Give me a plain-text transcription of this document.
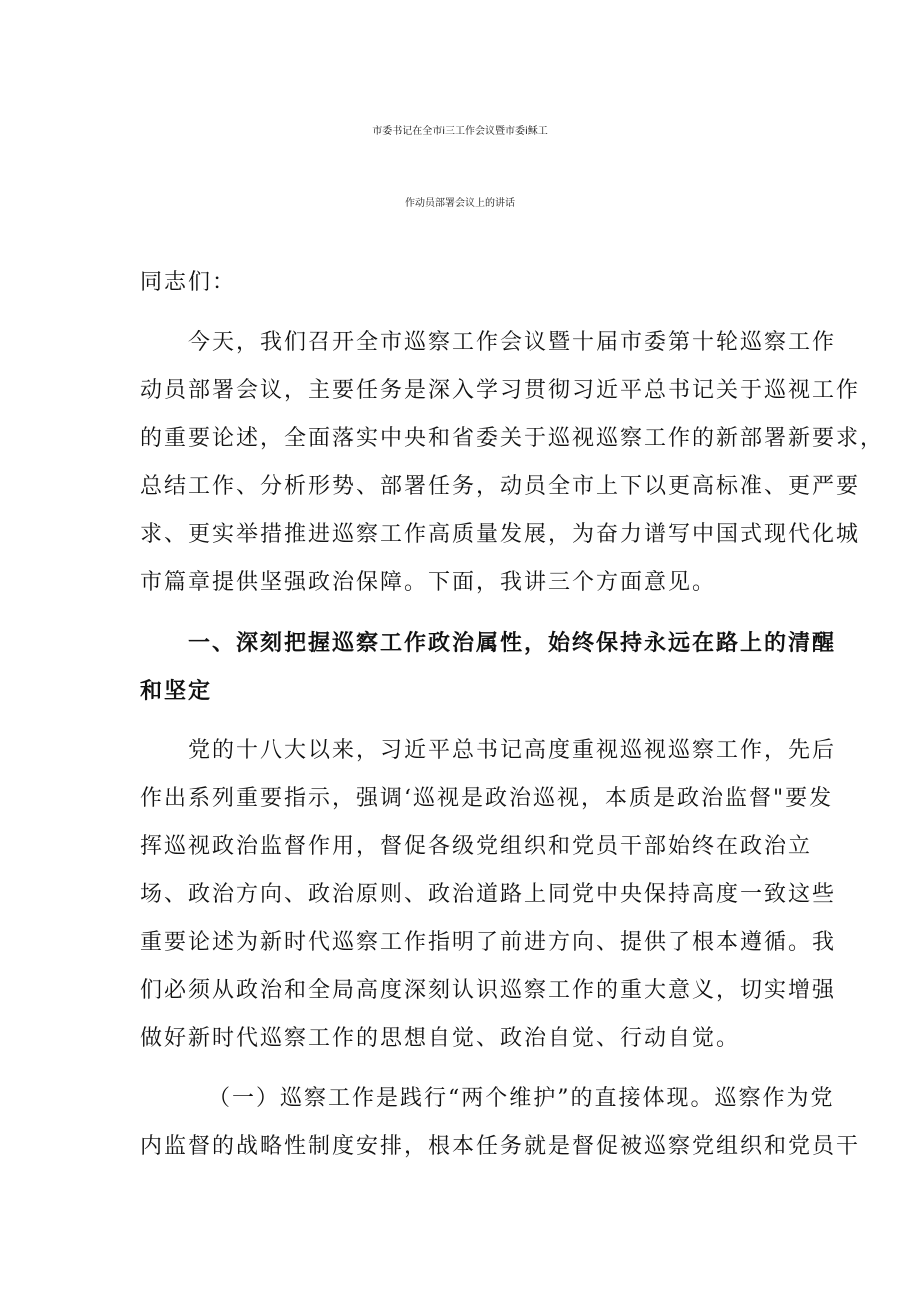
市委书记在全市i三工作会议暨市委i稣工
作动员部署会议上的讲话
同志们：
今天，我们召开全市巡察工作会议暨十届市委第十轮巡察工作
动员部署会议，主要任务是深入学习贯彻习近平总书记关于巡视工作
的重要论述，全面落实中央和省委关于巡视巡察工作的新部署新要求，
总结工作、分析形势、部署任务，动员全市上下以更高标准、更严要
求、更实举措推进巡察工作高质量发展，为奋力谱写中国式现代化城
市篇章提供坚强政治保障。下面，我讲三个方面意见。
一、深刻把握巡察工作政治属性，始终保持永远在路上的清醒
和坚定
党的十八大以来，习近平总书记高度重视巡视巡察工作，先后
作出系列重要指示，强调‘巡视是政治巡视，本质是政治监督"要发
挥巡视政治监督作用，督促各级党组织和党员干部始终在政治立
场、政治方向、政治原则、政治道路上同党中央保持高度一致这些
重要论述为新时代巡察工作指明了前进方向、提供了根本遵循。我
们必须从政治和全局高度深刻认识巡察工作的重大意义，切实增强
做好新时代巡察工作的思想自觉、政治自觉、行动自觉。
（一）巡察工作是践行“两个维护”的直接体现。巡察作为党
内监督的战略性制度安排，根本任务就是督促被巡察党组织和党员干
